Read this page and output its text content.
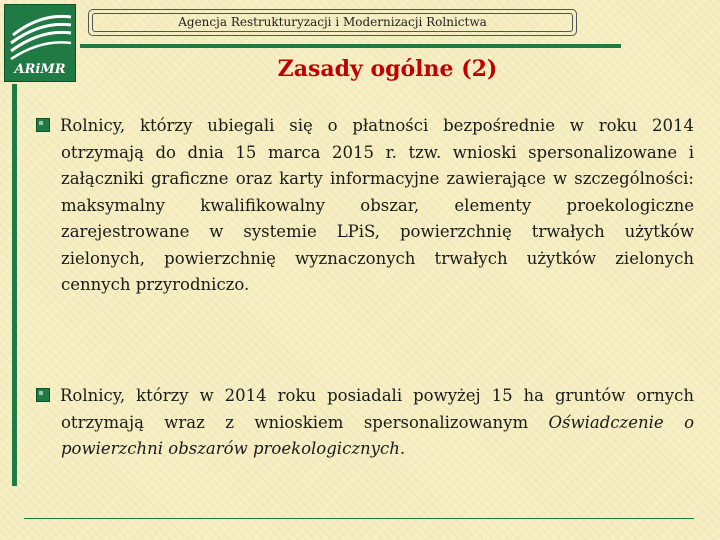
ARiMR
Agencja Restrukturyzacji i Modernizacji Rolnictwa
Zasady ogólne (2)
Rolnicy, którzy ubiegali się o płatności bezpośrednie w roku 2014 otrzymają do dnia 15 marca 2015 r. tzw. wnioski spersonalizowane i załączniki graficzne oraz karty informacyjne zawierające w szczególności: maksymalny kwalifikowalny obszar, elementy proekologiczne zarejestrowane w systemie LPiS, powierzchnię trwałych użytków zielonych, powierzchnię wyznaczonych trwałych użytków zielonych cennych przyrodniczo.
Rolnicy, którzy w 2014 roku posiadali powyżej 15 ha gruntów ornych otrzymają wraz z wnioskiem spersonalizowanym Oświadczenie o powierzchni obszarów proekologicznych.
